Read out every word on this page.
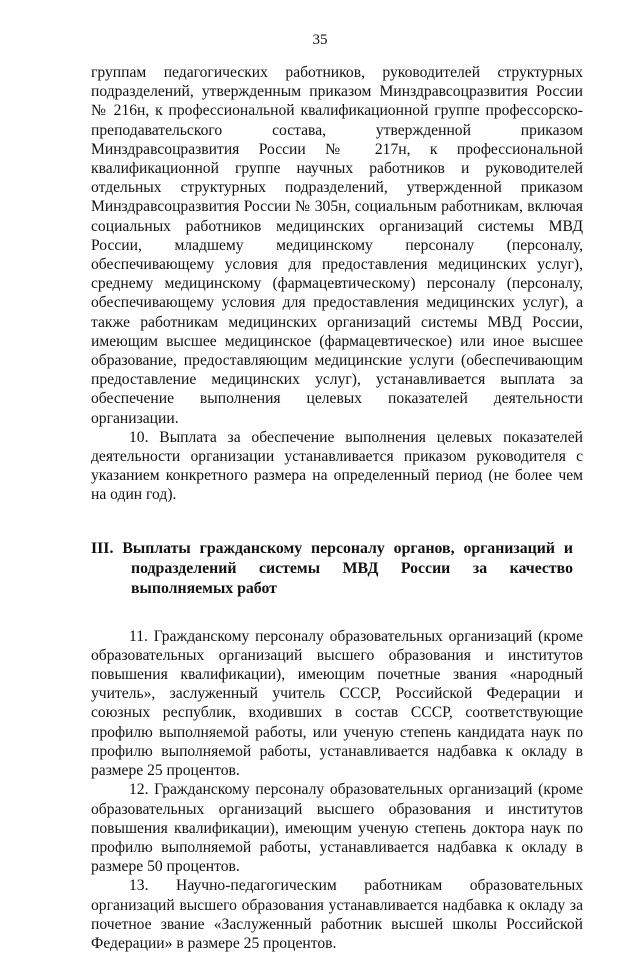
35

группам педагогических работников, руководителей структурных подразделений, утвержденным приказом Минздравсоцразвития России № 216н, к профессиональной квалификационной группе профессорско-преподавательского состава, утвержденной приказом Минздравсоцразвития России № 217н, к профессиональной квалификационной группе научных работников и руководителей отдельных структурных подразделений, утвержденной приказом Минздравсоцразвития России № 305н, социальным работникам, включая социальных работников медицинских организаций системы МВД России, младшему медицинскому персоналу (персоналу, обеспечивающему условия для предоставления медицинских услуг), среднему медицинскому (фармацевтическому) персоналу (персоналу, обеспечивающему условия для предоставления медицинских услуг), а также работникам медицинских организаций системы МВД России, имеющим высшее медицинское (фармацевтическое) или иное высшее образование, предоставляющим медицинские услуги (обеспечивающим предоставление медицинских услуг), устанавливается выплата за обеспечение выполнения целевых показателей деятельности организации.

10. Выплата за обеспечение выполнения целевых показателей деятельности организации устанавливается приказом руководителя с указанием конкретного размера на определенный период (не более чем на один год).

III. Выплаты гражданскому персоналу органов, организаций и подразделений системы МВД России за качество выполняемых работ

11. Гражданскому персоналу образовательных организаций (кроме образовательных организаций высшего образования и институтов повышения квалификации), имеющим почетные звания «народный учитель», заслуженный учитель СССР, Российской Федерации и союзных республик, входивших в состав СССР, соответствующие профилю выполняемой работы, или ученую степень кандидата наук по профилю выполняемой работы, устанавливается надбавка к окладу в размере 25 процентов.

12. Гражданскому персоналу образовательных организаций (кроме образовательных организаций высшего образования и институтов повышения квалификации), имеющим ученую степень доктора наук по профилю выполняемой работы, устанавливается надбавка к окладу в размере 50 процентов.

13. Научно-педагогическим работникам образовательных организаций высшего образования устанавливается надбавка к окладу за почетное звание «Заслуженный работник высшей школы Российской Федерации» в размере 25 процентов.
